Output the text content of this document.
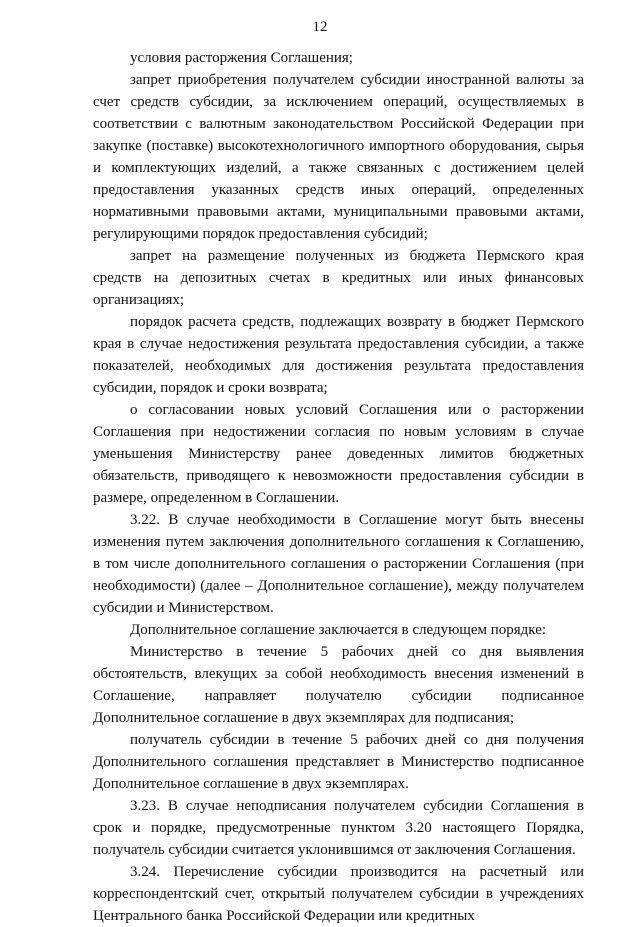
12

условия расторжения Соглашения;

запрет приобретения получателем субсидии иностранной валюты за счет средств субсидии, за исключением операций, осуществляемых в соответствии с валютным законодательством Российской Федерации при закупке (поставке) высокотехнологичного импортного оборудования, сырья и комплектующих изделий, а также связанных с достижением целей предоставления указанных средств иных операций, определенных нормативными правовыми актами, муниципальными правовыми актами, регулирующими порядок предоставления субсидий;

запрет на размещение полученных из бюджета Пермского края средств на депозитных счетах в кредитных или иных финансовых организациях;

порядок расчета средств, подлежащих возврату в бюджет Пермского края в случае недостижения результата предоставления субсидии, а также показателей, необходимых для достижения результата предоставления субсидии, порядок и сроки возврата;

о согласовании новых условий Соглашения или о расторжении Соглашения при недостижении согласия по новым условиям в случае уменьшения Министерству ранее доведенных лимитов бюджетных обязательств, приводящего к невозможности предоставления субсидии в размере, определенном в Соглашении.

3.22. В случае необходимости в Соглашение могут быть внесены изменения путем заключения дополнительного соглашения к Соглашению, в том числе дополнительного соглашения о расторжении Соглашения (при необходимости) (далее – Дополнительное соглашение), между получателем субсидии и Министерством.

Дополнительное соглашение заключается в следующем порядке:

Министерство в течение 5 рабочих дней со дня выявления обстоятельств, влекущих за собой необходимость внесения изменений в Соглашение, направляет получателю субсидии подписанное Дополнительное соглашение в двух экземплярах для подписания;

получатель субсидии в течение 5 рабочих дней со дня получения Дополнительного соглашения представляет в Министерство подписанное Дополнительное соглашение в двух экземплярах.

3.23. В случае неподписания получателем субсидии Соглашения в срок и порядке, предусмотренные пунктом 3.20 настоящего Порядка, получатель субсидии считается уклонившимся от заключения Соглашения.

3.24. Перечисление субсидии производится на расчетный или корреспондентский счет, открытый получателем субсидии в учреждениях Центрального банка Российской Федерации или кредитных
